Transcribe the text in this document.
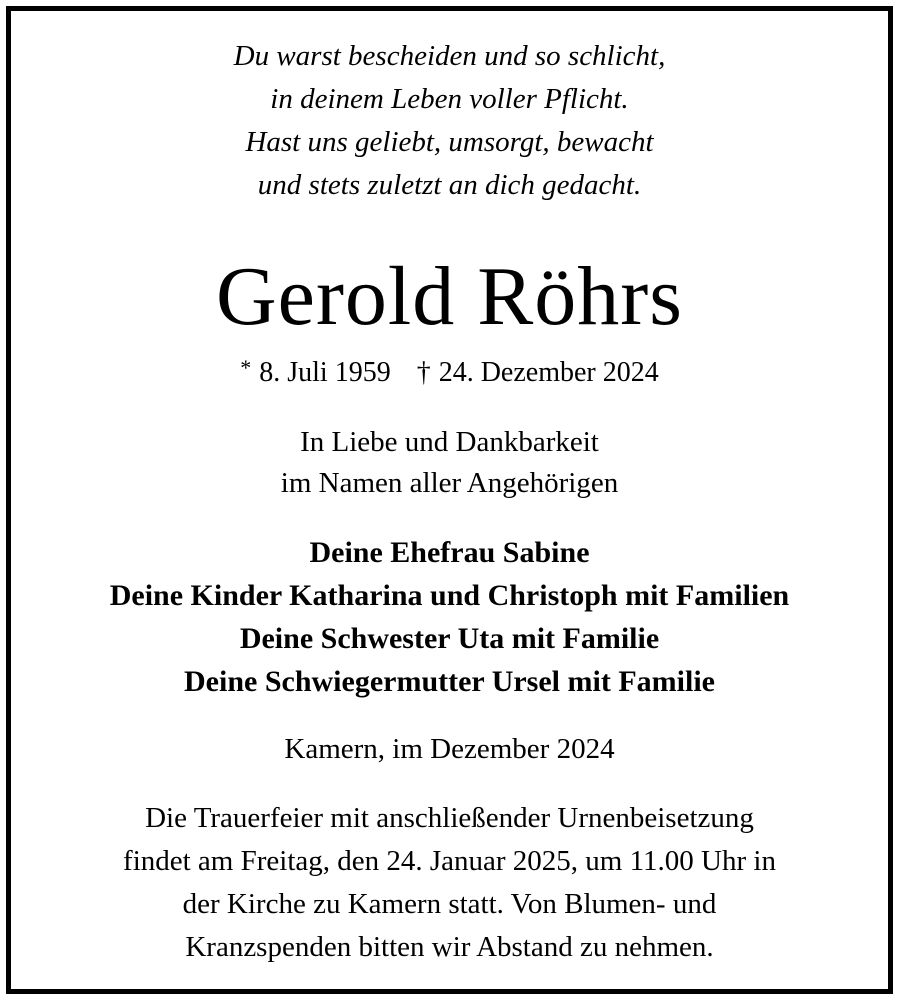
Du warst bescheiden und so schlicht,
in deinem Leben voller Pflicht.
Hast uns geliebt, umsorgt, bewacht
und stets zuletzt an dich gedacht.
Gerold Röhrs
* 8. Juli 1959 † 24. Dezember 2024
In Liebe und Dankbarkeit
im Namen aller Angehörigen
Deine Ehefrau Sabine
Deine Kinder Katharina und Christoph mit Familien
Deine Schwester Uta mit Familie
Deine Schwiegermutter Ursel mit Familie
Kamern, im Dezember 2024
Die Trauerfeier mit anschließender Urnenbeisetzung
findet am Freitag, den 24. Januar 2025, um 11.00 Uhr in
der Kirche zu Kamern statt. Von Blumen- und
Kranzspenden bitten wir Abstand zu nehmen.
